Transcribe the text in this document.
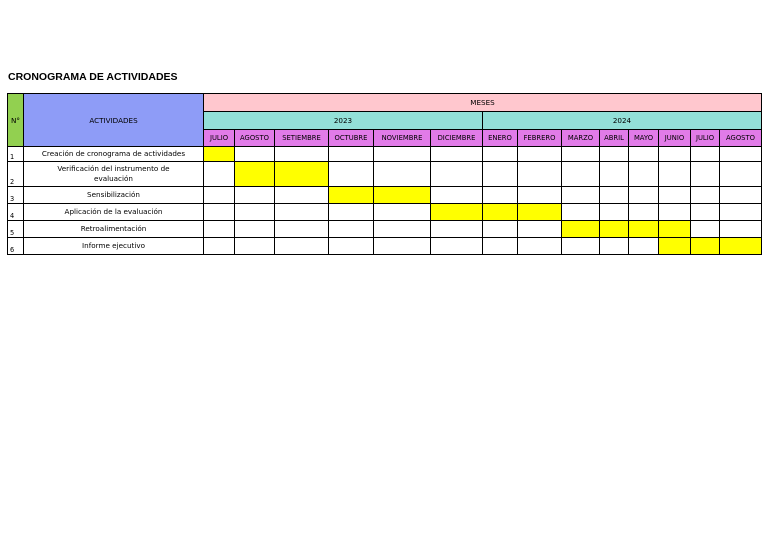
CRONOGRAMA DE ACTIVIDADES
N°	ACTIVIDADES	MESES													
		2023						2024							
		JULIO	AGOSTO	SETIEMBRE	OCTUBRE	NOVIEMBRE	DICIEMBRE	ENERO	FEBRERO	MARZO	ABRIL	MAYO	JUNIO	JULIO	AGOSTO
1	Creación de cronograma de actividades														
2	Verificación del instrumento de evaluación														
3	Sensibilización														
4	Aplicación de la evaluación														
5	Retroalimentación														
6	Informe ejecutivo														
